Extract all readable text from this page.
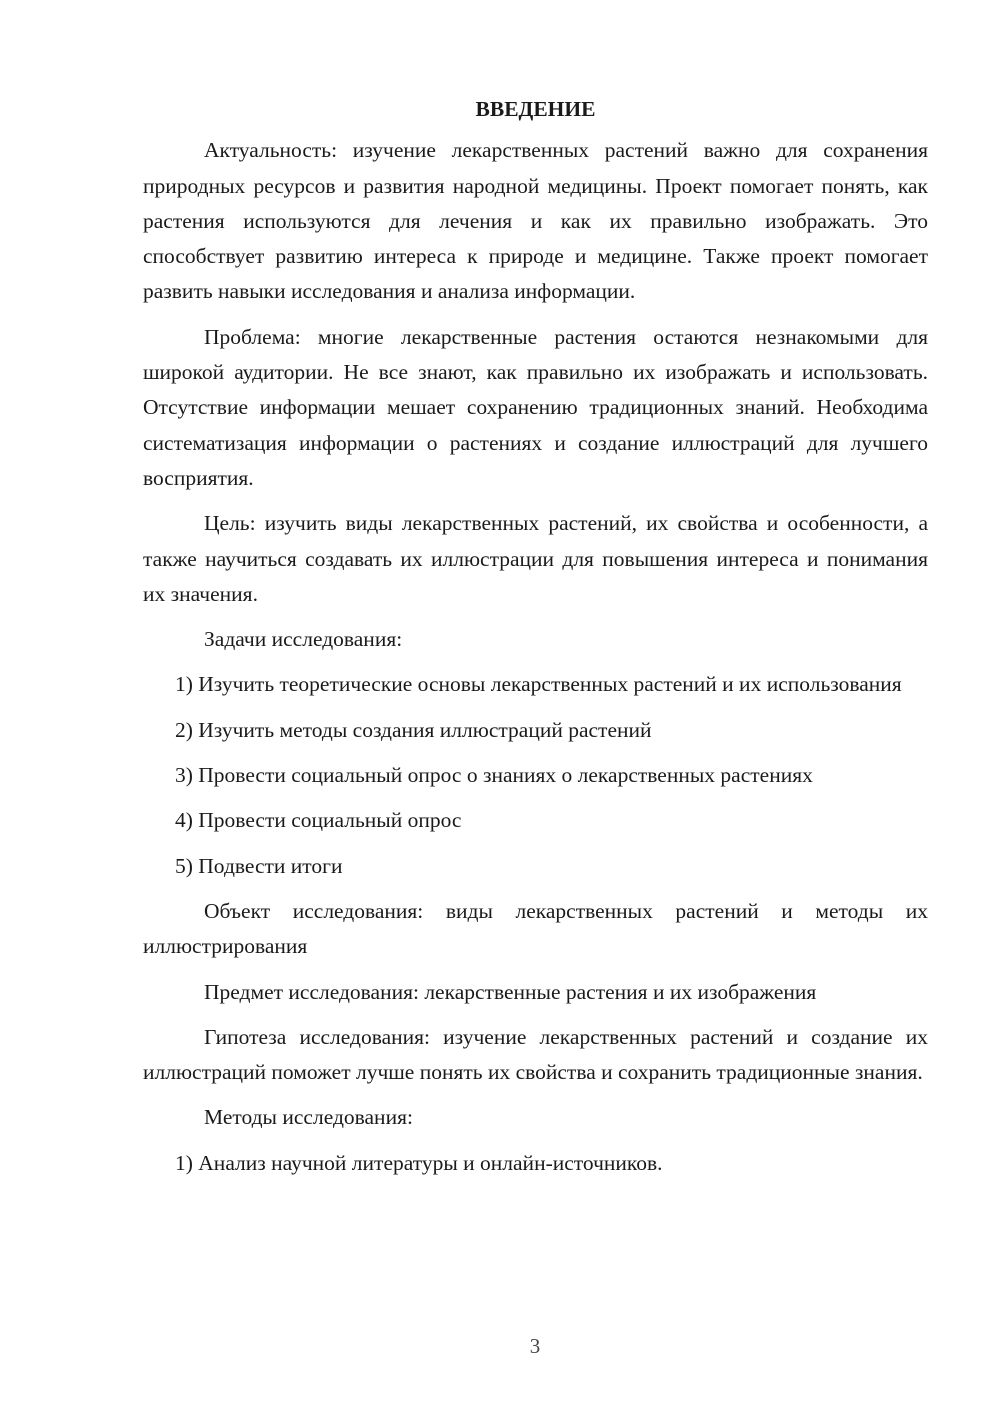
ВВЕДЕНИЕ

Актуальность: изучение лекарственных растений важно для сохранения природных ресурсов и развития народной медицины. Проект помогает понять, как растения используются для лечения и как их правильно изображать. Это способствует развитию интереса к природе и медицине. Также проект помогает развить навыки исследования и анализа информации.

Проблема: многие лекарственные растения остаются незнакомыми для широкой аудитории. Не все знают, как правильно их изображать и использовать. Отсутствие информации мешает сохранению традиционных знаний. Необходима систематизация информации о растениях и создание иллюстраций для лучшего восприятия.

Цель: изучить виды лекарственных растений, их свойства и особенности, а также научиться создавать их иллюстрации для повышения интереса и понимания их значения.

Задачи исследования:

1) Изучить теоретические основы лекарственных растений и их использования

2) Изучить методы создания иллюстраций растений

3) Провести социальный опрос о знаниях о лекарственных растениях

4) Провести социальный опрос

5) Подвести итоги

Объект исследования: виды лекарственных растений и методы их иллюстрирования

Предмет исследования: лекарственные растения и их изображения

Гипотеза исследования: изучение лекарственных растений и создание их иллюстраций поможет лучше понять их свойства и сохранить традиционные знания.

Методы исследования:

1) Анализ научной литературы и онлайн-источников.

3
